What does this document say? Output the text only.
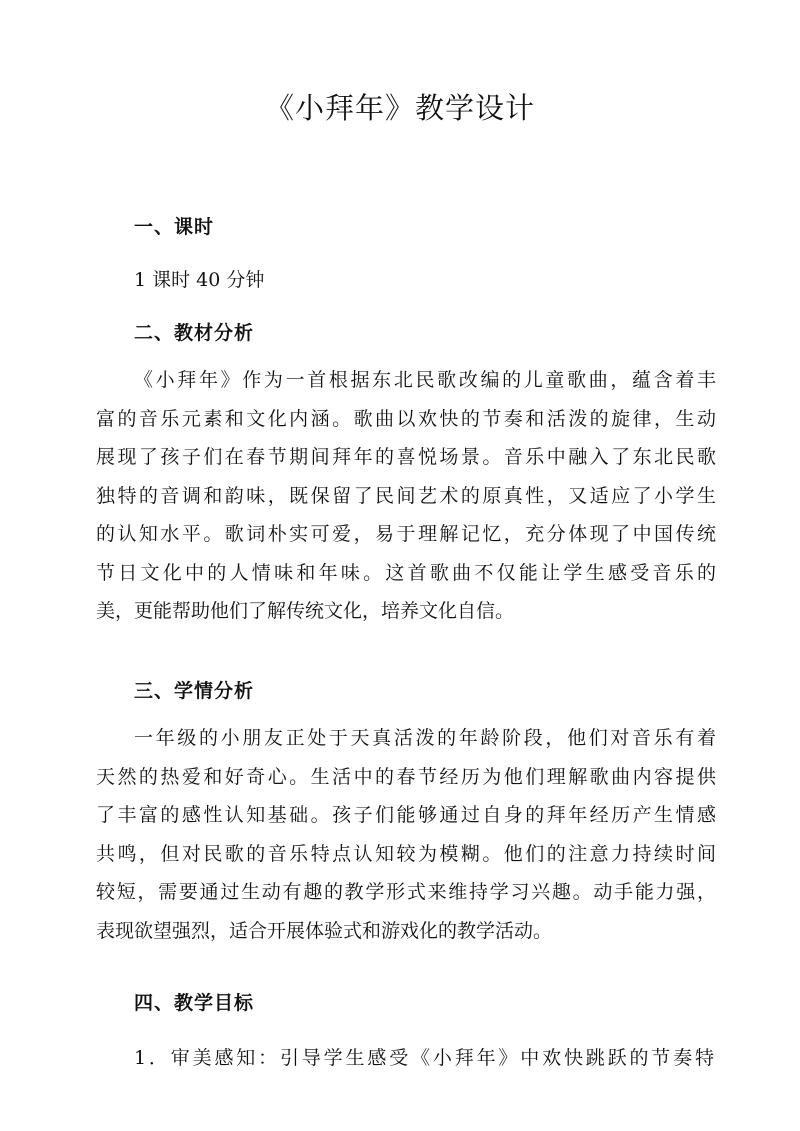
《小拜年》教学设计
一、课时
1 课时 40 分钟
二、教材分析
《小拜年》作为一首根据东北民歌改编的儿童歌曲，蕴含着丰
富的音乐元素和文化内涵。歌曲以欢快的节奏和活泼的旋律，生动
展现了孩子们在春节期间拜年的喜悦场景。音乐中融入了东北民歌
独特的音调和韵味，既保留了民间艺术的原真性，又适应了小学生
的认知水平。歌词朴实可爱，易于理解记忆，充分体现了中国传统
节日文化中的人情味和年味。这首歌曲不仅能让学生感受音乐的
美，更能帮助他们了解传统文化，培养文化自信。
三、学情分析
一年级的小朋友正处于天真活泼的年龄阶段，他们对音乐有着
天然的热爱和好奇心。生活中的春节经历为他们理解歌曲内容提供
了丰富的感性认知基础。孩子们能够通过自身的拜年经历产生情感
共鸣，但对民歌的音乐特点认知较为模糊。他们的注意力持续时间
较短，需要通过生动有趣的教学形式来维持学习兴趣。动手能力强，
表现欲望强烈，适合开展体验式和游戏化的教学活动。
四、教学目标
1．审美感知：引导学生感受《小拜年》中欢快跳跃的节奏特
